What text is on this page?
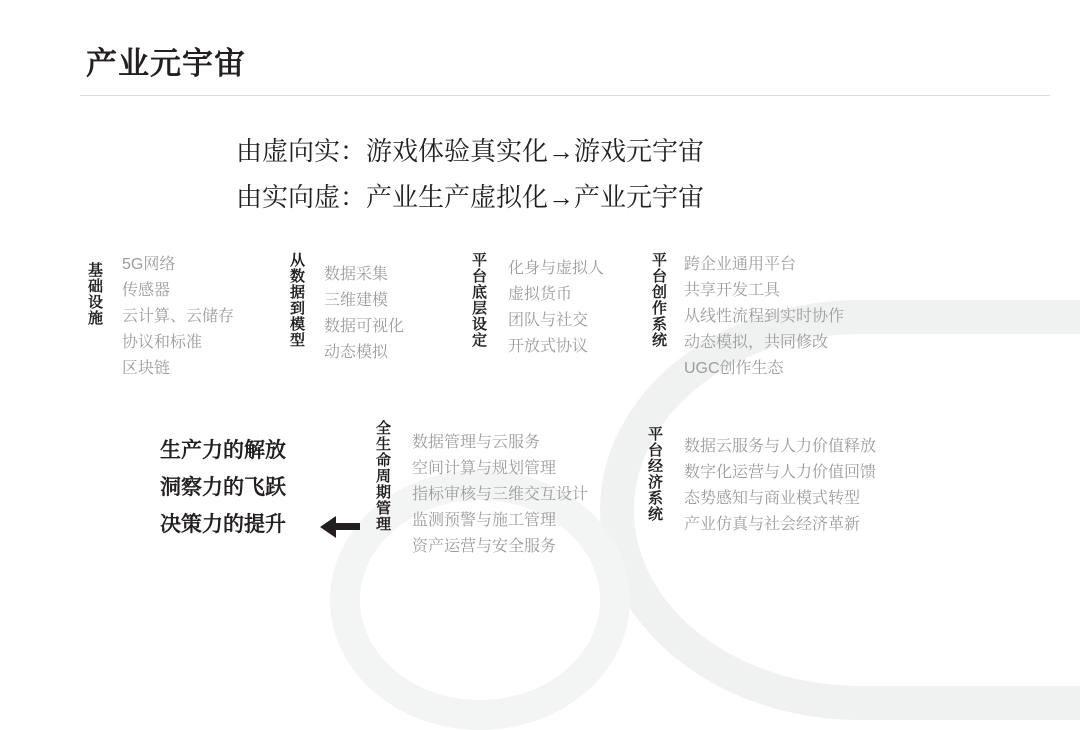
产业元宇宙
由虚向实：游戏体验真实化→游戏元宇宙
由实向虚：产业生产虚拟化→产业元宇宙
基础设施 5G网络
传感器
云计算、云储存
协议和标准
区块链
从数据到模型 数据采集
三维建模
数据可视化
动态模拟
平台底层设定 化身与虚拟人
虚拟货币
团队与社交
开放式协议	平台创作系统 跨企业通用平台
共享开发工具
从线性流程到实时协作
动态模拟，共同修改
UGC创作生态
生产力的解放
洞察力的飞跃
决策力的提升	全生命周期管理 数据管理与云服务
空间计算与规划管理
指标审核与三维交互设计
监测预警与施工管理
资产运营与安全服务
平台经济系统 数据云服务与人力价值释放
数字化运营与人力价值回馈
态势感知与商业模式转型
产业仿真与社会经济革新
